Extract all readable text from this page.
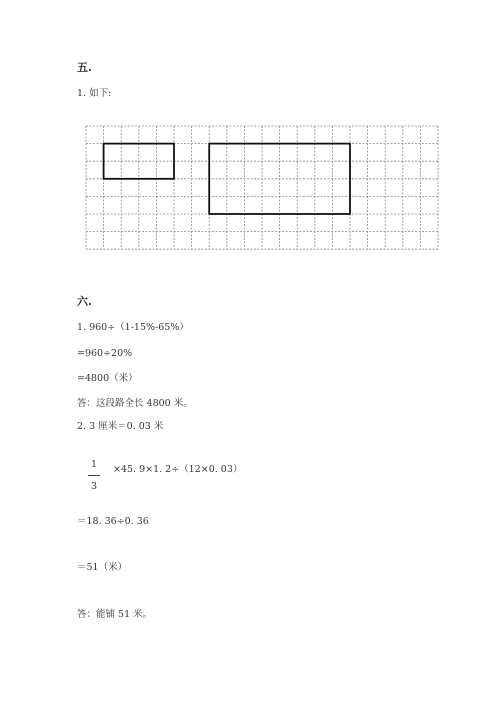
五.
1. 如下:
六.
1. 960÷（1-15%-65%）
=960÷20%
=4800（米）
答：这段路全长 4800 米。
2. 3 厘米＝0. 03 米
1
3
×45. 9×1. 2÷（12×0. 03）
＝18. 36÷0. 36
＝51（米）
答：能铺 51 米。
